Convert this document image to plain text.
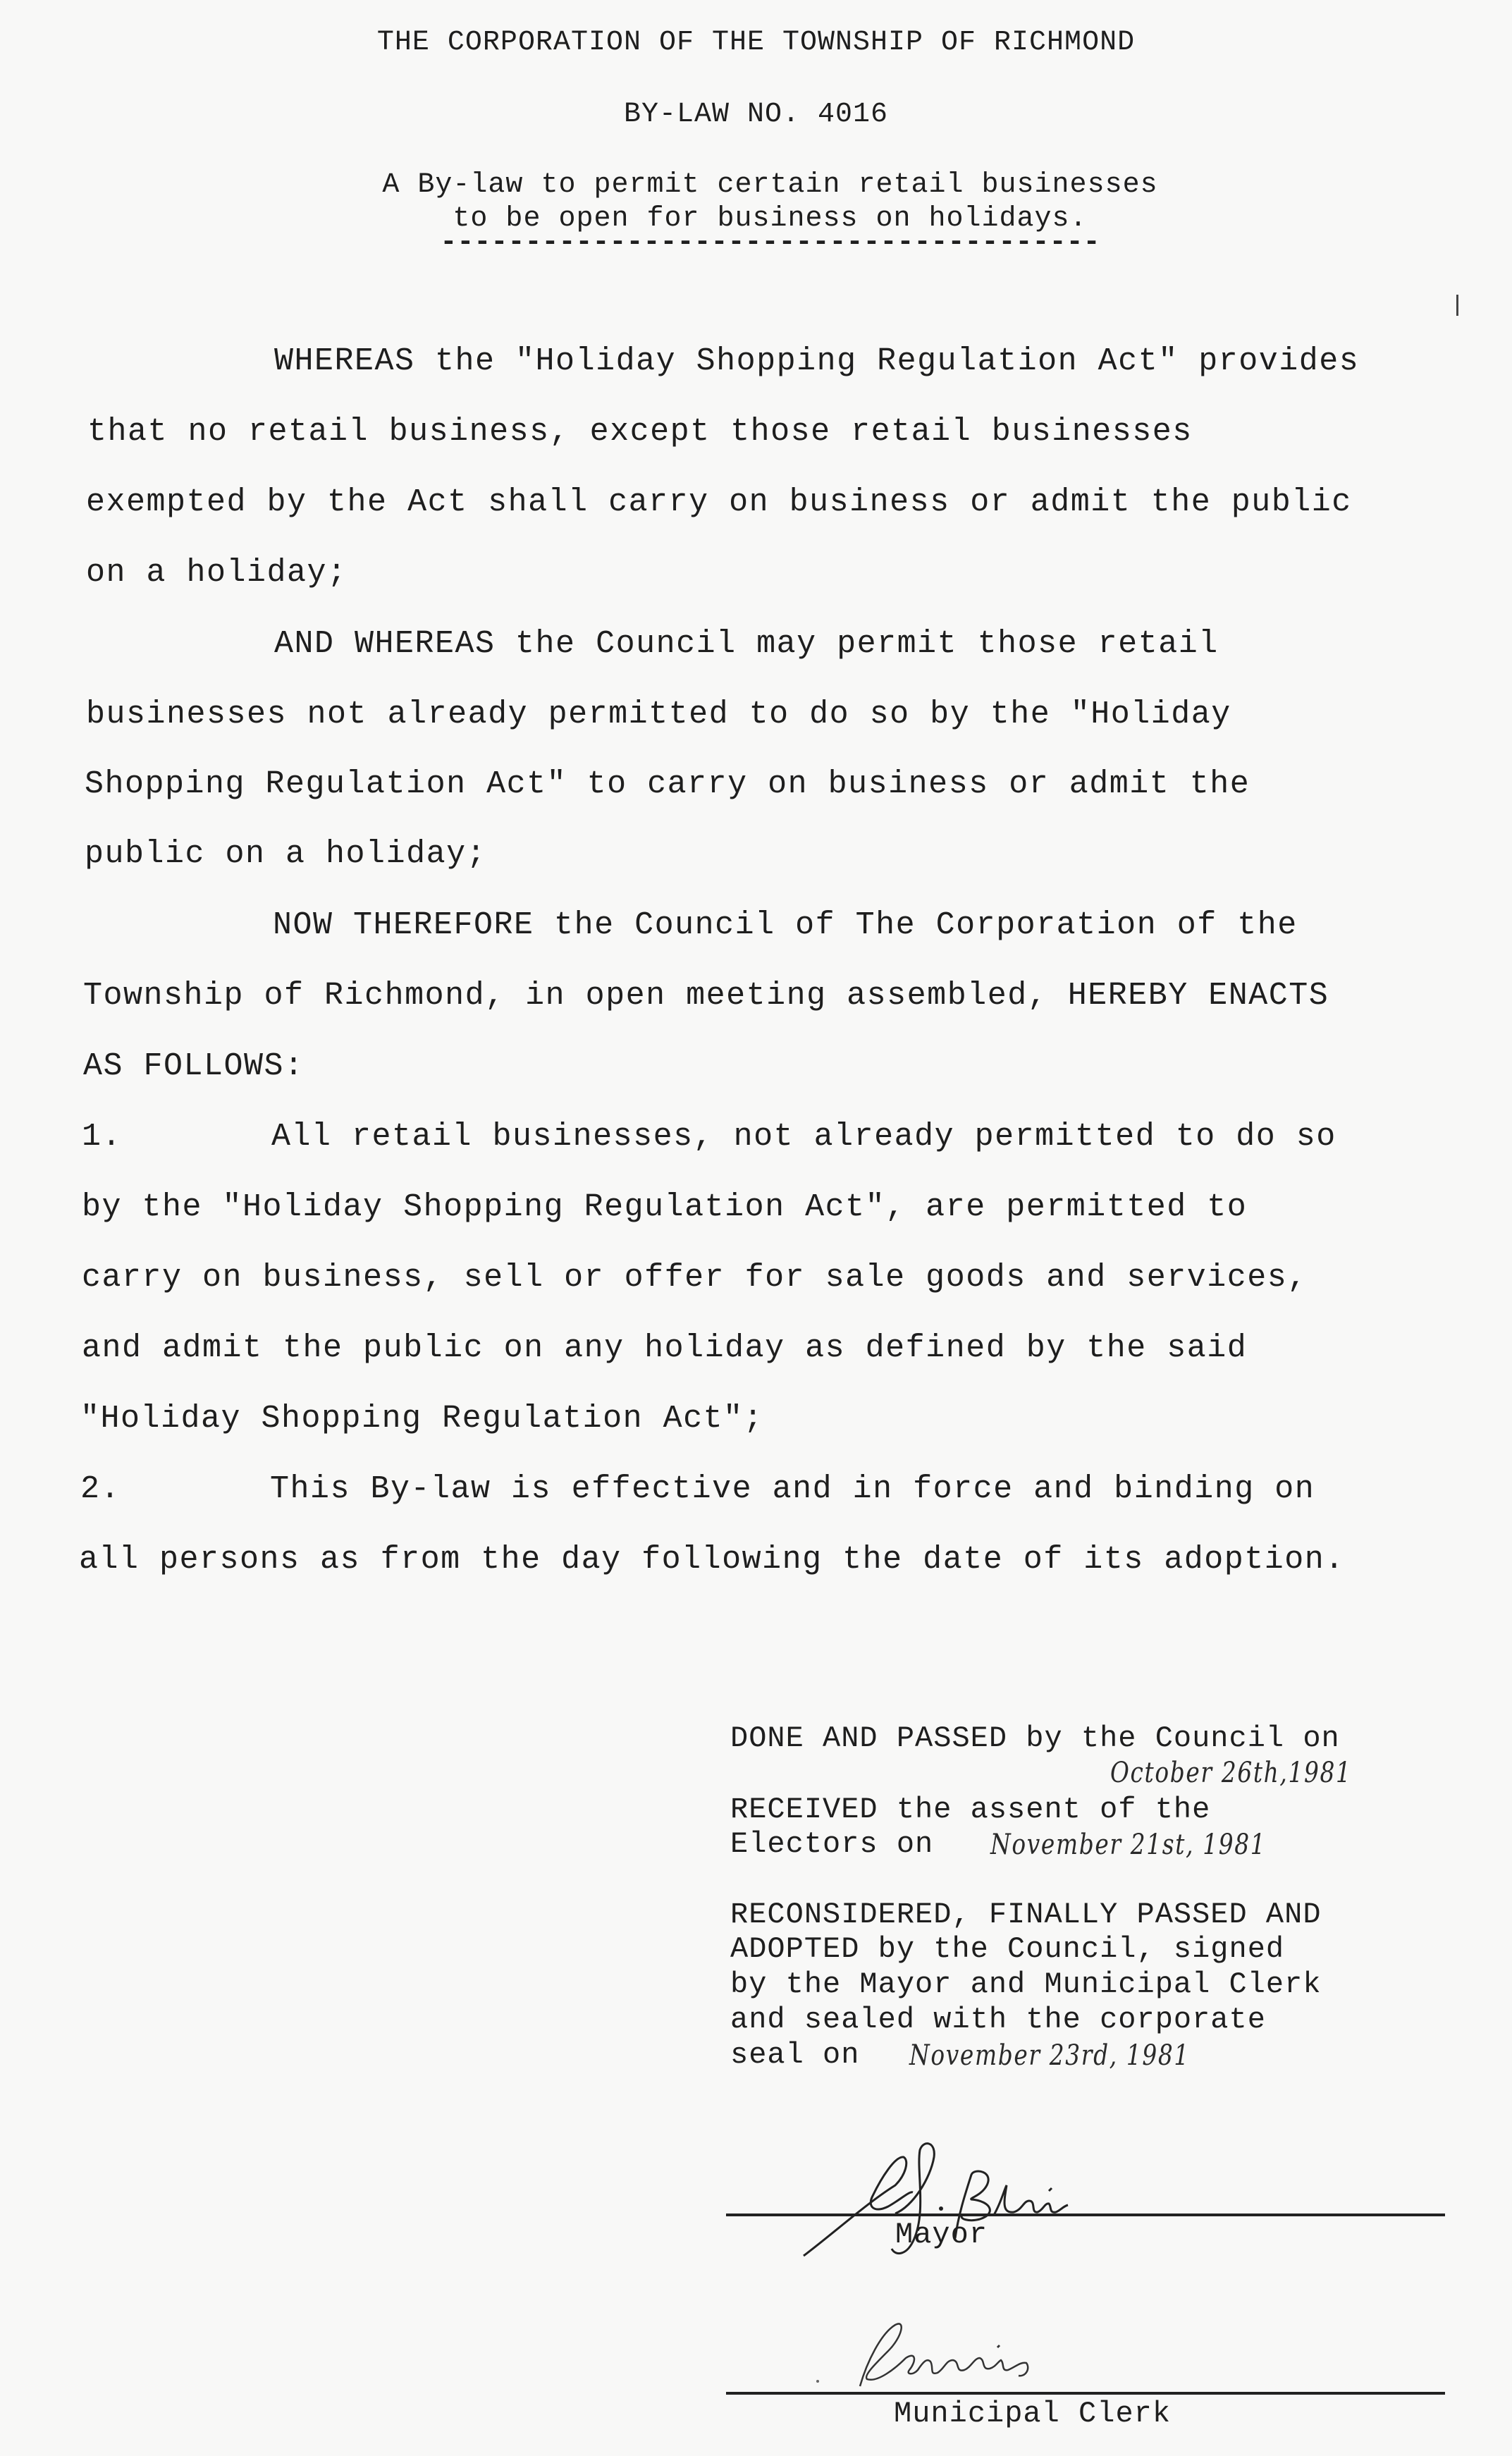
THE CORPORATION OF THE TOWNSHIP OF RICHMOND
BY-LAW NO. 4016
A By-law to permit certain retail businesses
to be open for business on holidays.
---------------------------------------
WHEREAS the "Holiday Shopping Regulation Act" provides
that no retail business, except those retail businesses
exempted by the Act shall carry on business or admit the public
on a holiday;
AND WHEREAS the Council may permit those retail
businesses not already permitted to do so by the "Holiday
Shopping Regulation Act" to carry on business or admit the
public on a holiday;
NOW THEREFORE the Council of The Corporation of the
Township of Richmond, in open meeting assembled, HEREBY ENACTS
AS FOLLOWS:
1.	All retail businesses, not already permitted to do so
by the "Holiday Shopping Regulation Act", are permitted to
carry on business, sell or offer for sale goods and services,
and admit the public on any holiday as defined by the said
"Holiday Shopping Regulation Act";
2.	This By-law is effective and in force and binding on
all persons as from the day following the date of its adoption.
DONE AND PASSED by the Council on
October 26th,1981
RECEIVED the assent of the
Electors on November 21st, 1981
RECONSIDERED, FINALLY PASSED AND
ADOPTED by the Council, signed
by the Mayor and Municipal Clerk
and sealed with the corporate
seal on November 23rd, 1981
Mayor
Municipal Clerk
